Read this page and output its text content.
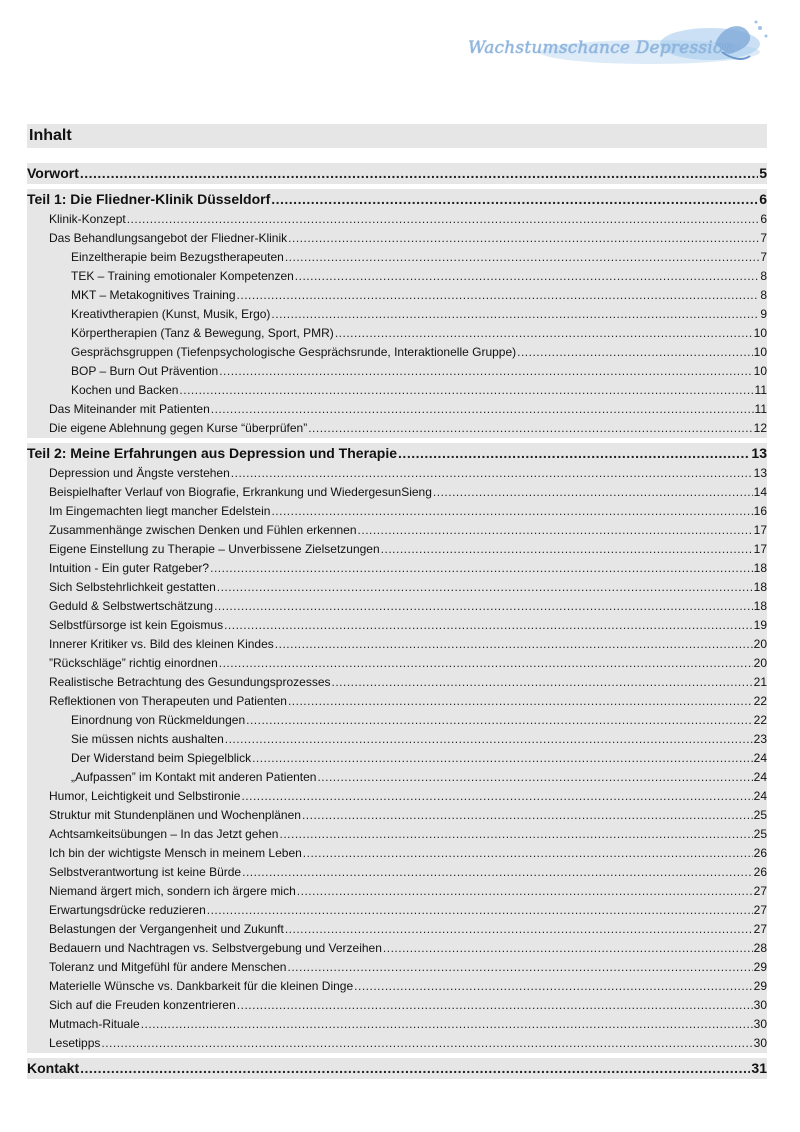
Wachstumschance Depression
Inhalt
Vorwort .....	5
Teil 1: Die Fliedner-Klinik Düsseldorf .....	6
Klinik-Konzept .....	6
Das Behandlungsangebot der Fliedner-Klinik .....	7
Einzeltherapie beim Bezugstherapeuten .....	7
TEK – Training emotionaler Kompetenzen .....	8
MKT – Metakognitives Training .....	8
Kreativtherapien (Kunst, Musik, Ergo) .....	9
Körpertherapien (Tanz & Bewegung, Sport, PMR) .....	10
Gesprächsgruppen (Tiefenpsychologische Gesprächsrunde, Interaktionelle Gruppe) .....	10
BOP – Burn Out Prävention .....	10
Kochen und Backen .....	11
Das Miteinander mit Patienten .....	11
Die eigene Ablehnung gegen Kurse “überprüfen” .....	12
Teil 2: Meine Erfahrungen aus Depression und Therapie .....	13
Depression und Ängste verstehen .....	13
Beispielhafter Verlauf von Biografie, Erkrankung und WiedergesunSieng .....	14
Im Eingemachten liegt mancher Edelstein .....	16
Zusammenhänge zwischen Denken und Fühlen erkennen .....	17
Eigene Einstellung zu Therapie – Unverbissene Zielsetzungen .....	17
Intuition - Ein guter Ratgeber? .....	18
Sich Selbstehrlichkeit gestatten .....	18
Geduld & Selbstwertschätzung .....	18
Selbstfürsorge ist kein Egoismus .....	19
Innerer Kritiker vs. Bild des kleinen Kindes .....	20
”Rückschläge” richtig einordnen .....	20
Realistische Betrachtung des Gesundungsprozesses .....	21
Reflektionen von Therapeuten und Patienten .....	22
Einordnung von Rückmeldungen .....	22
Sie müssen nichts aushalten .....	23
Der Widerstand beim Spiegelblick .....	24
„Aufpassen” im Kontakt mit anderen Patienten .....	24
Humor, Leichtigkeit und Selbstironie .....	24
Struktur mit Stundenplänen und Wochenplänen .....	25
Achtsamkeitsübungen – In das Jetzt gehen .....	25
Ich bin der wichtigste Mensch in meinem Leben .....	26
Selbstverantwortung ist keine Bürde .....	26
Niemand ärgert mich, sondern ich ärgere mich .....	27
Erwartungsdrücke reduzieren .....	27
Belastungen der Vergangenheit und Zukunft .....	27
Bedauern und Nachtragen vs. Selbstvergebung und Verzeihen .....	28
Toleranz und Mitgefühl für andere Menschen .....	29
Materielle Wünsche vs. Dankbarkeit für die kleinen Dinge .....	29
Sich auf die Freuden konzentrieren .....	30
Mutmach-Rituale .....	30
Lesetipps .....	30
Kontakt .....	31
